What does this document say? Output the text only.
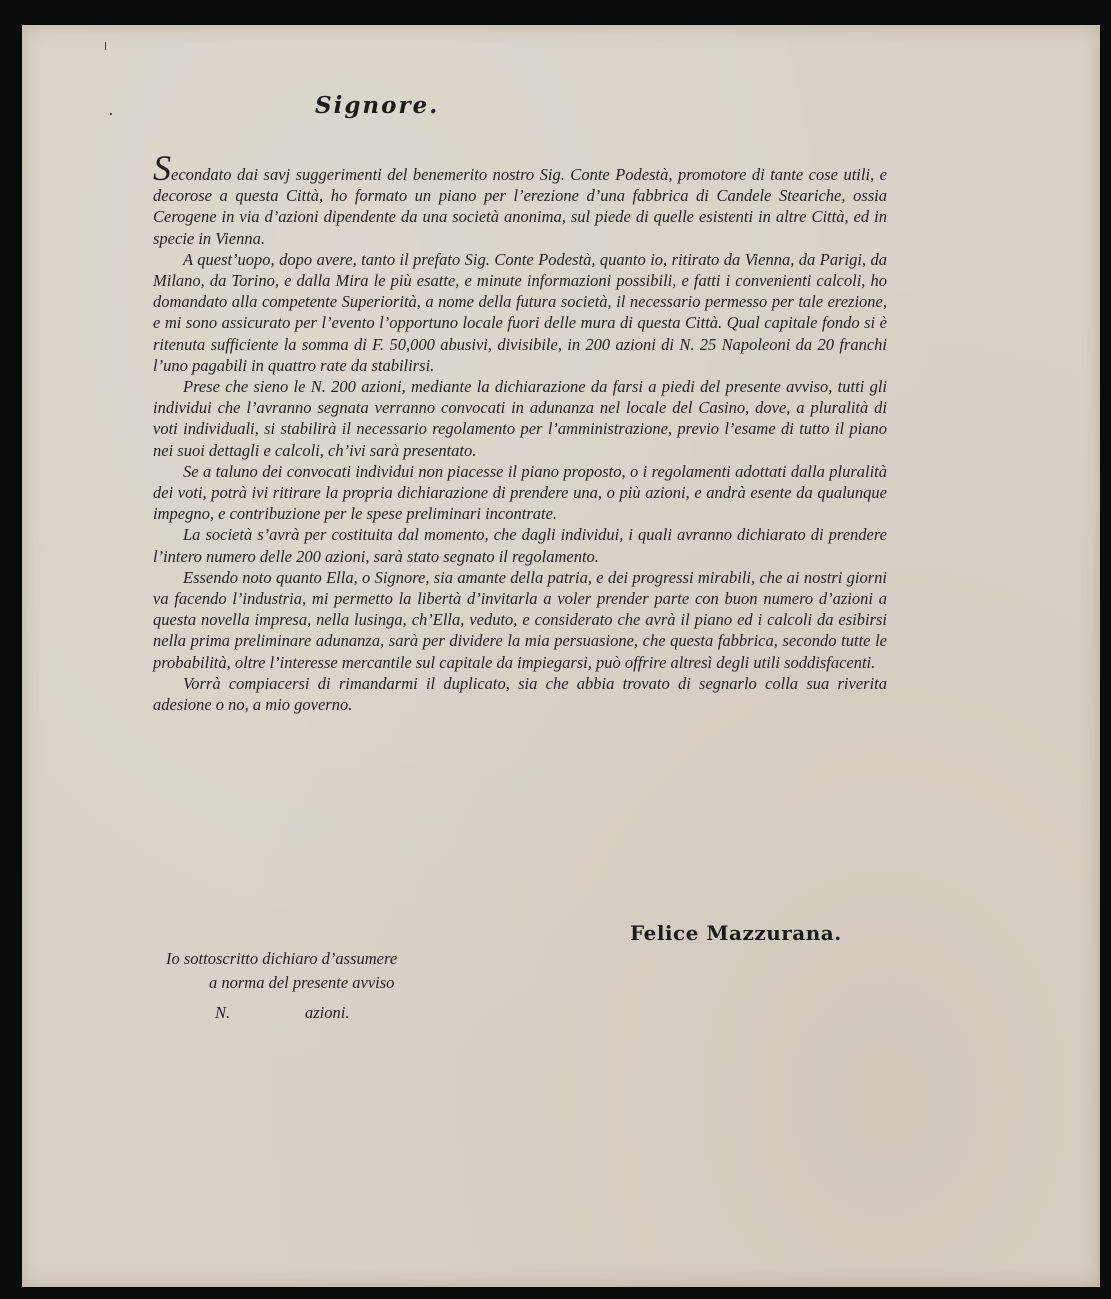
Signore.

Secondato dai savj suggerimenti del benemerito nostro Sig. Conte Podestà, promotore di tante cose utili, e decorose a questa Città, ho formato un piano per l’erezione d’una fabbrica di Candele Steariche, ossia Cerogene in via d’azioni dipendente da una società anonima, sul piede di quelle esistenti in altre Città, ed in specie in Vienna.

A quest’uopo, dopo avere, tanto il prefato Sig. Conte Podestà, quanto io, ritirato da Vienna, da Parigi, da Milano, da Torino, e dalla Mira le più esatte, e minute informazioni possibili, e fatti i convenienti calcoli, ho domandato alla competente Superiorità, a nome della futura società, il necessario permesso per tale erezione, e mi sono assicurato per l’evento l’opportuno locale fuori delle mura di questa Città. Qual capitale fondo si è ritenuta sufficiente la somma di F. 50,000 abusivi, divisibile, in 200 azioni di N. 25 Napoleoni da 20 franchi l’uno pagabili in quattro rate da stabilirsi.

Prese che sieno le N. 200 azioni, mediante la dichiarazione da farsi a piedi del presente avviso, tutti gli individui che l’avranno segnata verranno convocati in adunanza nel locale del Casino, dove, a pluralità di voti individuali, si stabilirà il necessario regolamento per l’amministrazione, previo l’esame di tutto il piano nei suoi dettagli e calcoli, ch’ivi sarà presentato.

Se a taluno dei convocati individui non piacesse il piano proposto, o i regolamenti adottati dalla pluralità dei voti, potrà ivi ritirare la propria dichiarazione di prendere una, o più azioni, e andrà esente da qualunque impegno, e contribuzione per le spese preliminari incontrate.

La società s’avrà per costituita dal momento, che dagli individui, i quali avranno dichiarato di prendere l’intero numero delle 200 azioni, sarà stato segnato il regolamento.

Essendo noto quanto Ella, o Signore, sia amante della patria, e dei progressi mirabili, che ai nostri giorni va facendo l’industria, mi permetto la libertà d’invitarla a voler prender parte con buon numero d’azioni a questa novella impresa, nella lusinga, ch’Ella, veduto, e considerato che avrà il piano ed i calcoli da esibirsi nella prima preliminare adunanza, sarà per dividere la mia persuasione, che questa fabbrica, secondo tutte le probabilità, oltre l’interesse mercantile sul capitale da impiegarsi, può offrire altresì degli utili soddisfacenti.

Vorrà compiacersi di rimandarmi il duplicato, sia che abbia trovato di segnarlo colla sua riverita adesione o no, a mio governo.

Felice Mazzurana.
Io sottoscritto dichiaro d’assumere
a norma del presente avviso
N.	azioni.
